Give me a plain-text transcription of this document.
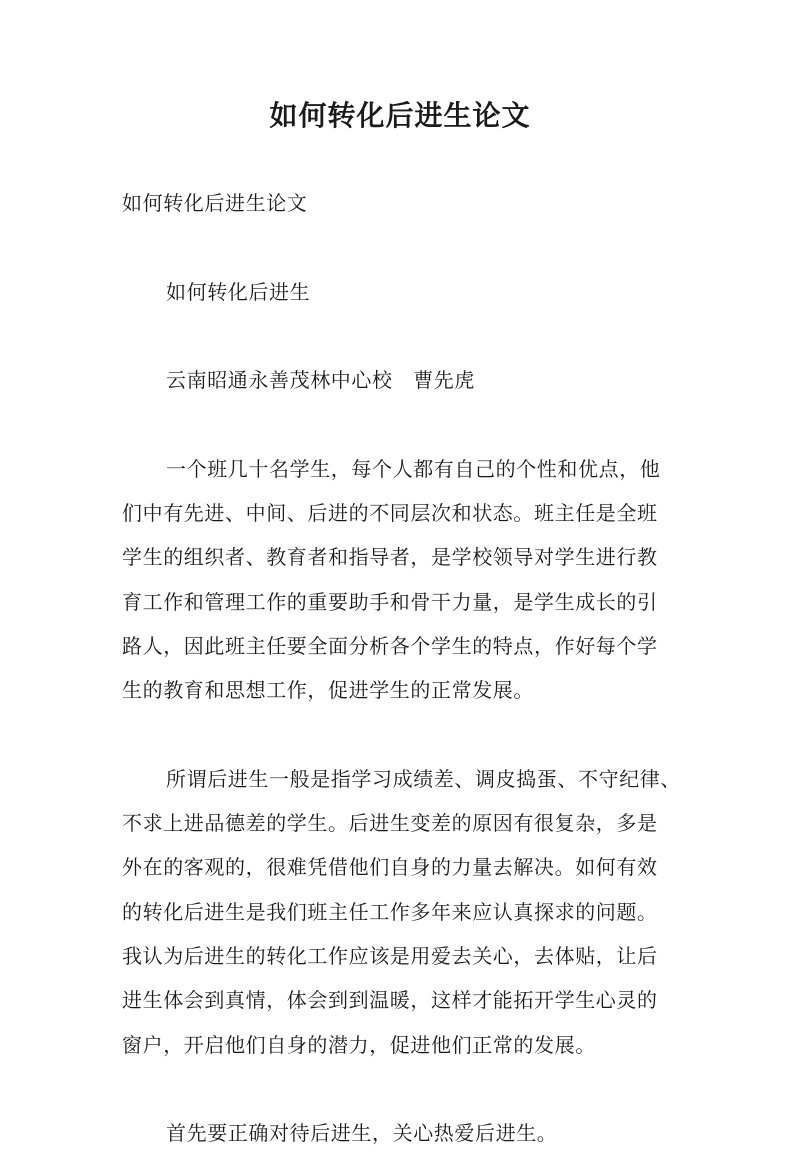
如何转化后进生论文
如何转化后进生论文
如何转化后进生
云南昭通永善茂林中心校　曹先虎
一个班几十名学生，每个人都有自己的个性和优点，他
们中有先进、中间、后进的不同层次和状态。班主任是全班
学生的组织者、教育者和指导者，是学校领导对学生进行教
育工作和管理工作的重要助手和骨干力量，是学生成长的引
路人，因此班主任要全面分析各个学生的特点，作好每个学
生的教育和思想工作，促进学生的正常发展。
所谓后进生一般是指学习成绩差、调皮捣蛋、不守纪律、
不求上进品德差的学生。后进生变差的原因有很复杂，多是
外在的客观的，很难凭借他们自身的力量去解决。如何有效
的转化后进生是我们班主任工作多年来应认真探求的问题。
我认为后进生的转化工作应该是用爱去关心，去体贴，让后
进生体会到真情，体会到到温暖，这样才能拓开学生心灵的
窗户，开启他们自身的潜力，促进他们正常的发展。
首先要正确对待后进生，关心热爱后进生。
